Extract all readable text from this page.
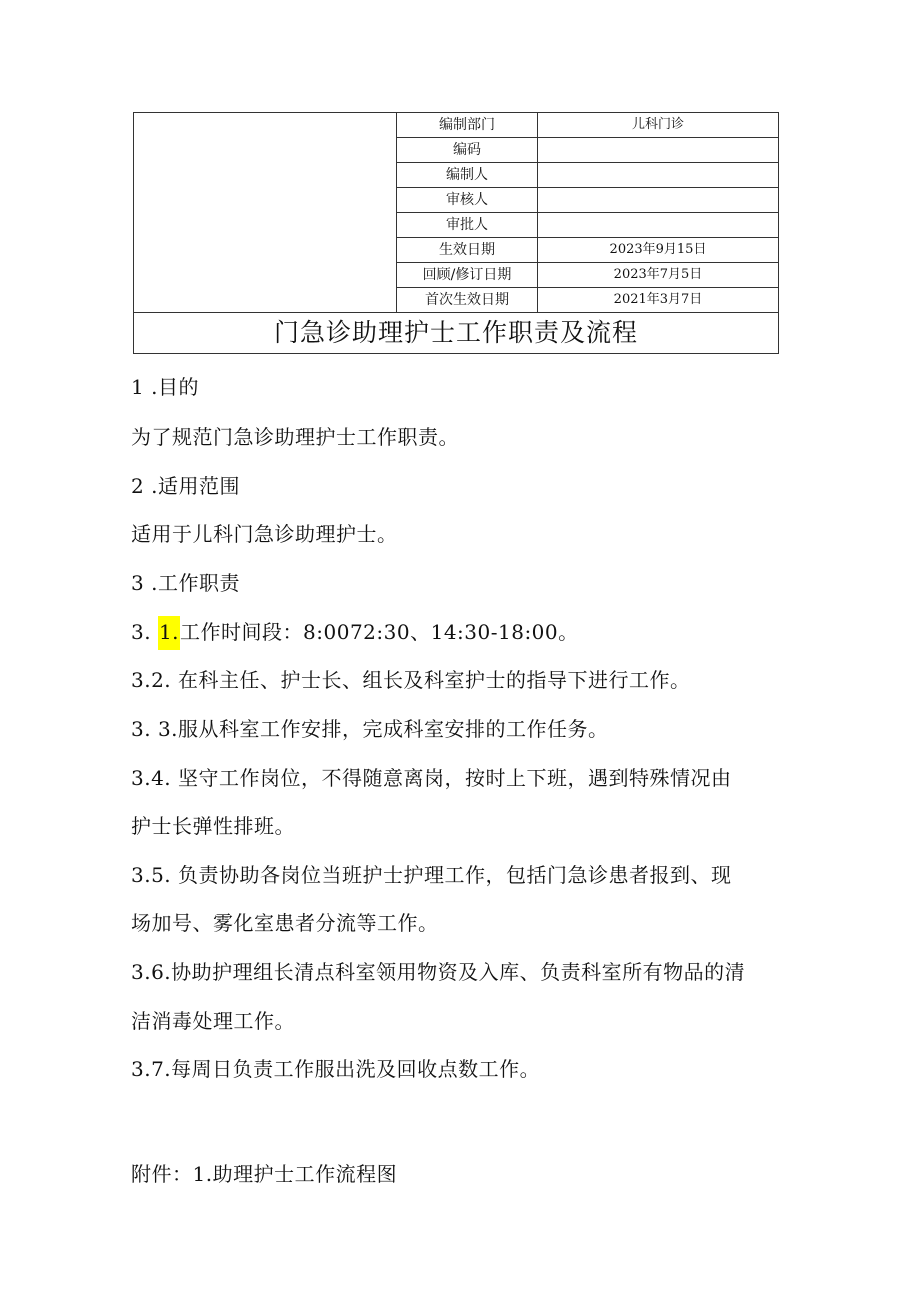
	编制部门	儿科门诊
	编码	
	编制人	
	审核人	
	审批人	
	生效日期	2023年9月15日
	回顾/修订日期	2023年7月5日
	首次生效日期	2021年3月7日
门急诊助理护士工作职责及流程		
1 .目的
为了规范门急诊助理护士工作职责。
2 .适用范围
适用于儿科门急诊助理护士。
3 .工作职责
3. 1.工作时间段：8:0072:30、14:30-18:00。
3.2. 在科主任、护士长、组长及科室护士的指导下进行工作。
3. 3.服从科室工作安排，完成科室安排的工作任务。
3.4. 坚守工作岗位，不得随意离岗，按时上下班，遇到特殊情况由
护士长弹性排班。
3.5. 负责协助各岗位当班护士护理工作，包括门急诊患者报到、现
场加号、雾化室患者分流等工作。
3.6.协助护理组长清点科室领用物资及入库、负责科室所有物品的清
洁消毒处理工作。
3.7.每周日负责工作服出洗及回收点数工作。
附件：1.助理护士工作流程图
